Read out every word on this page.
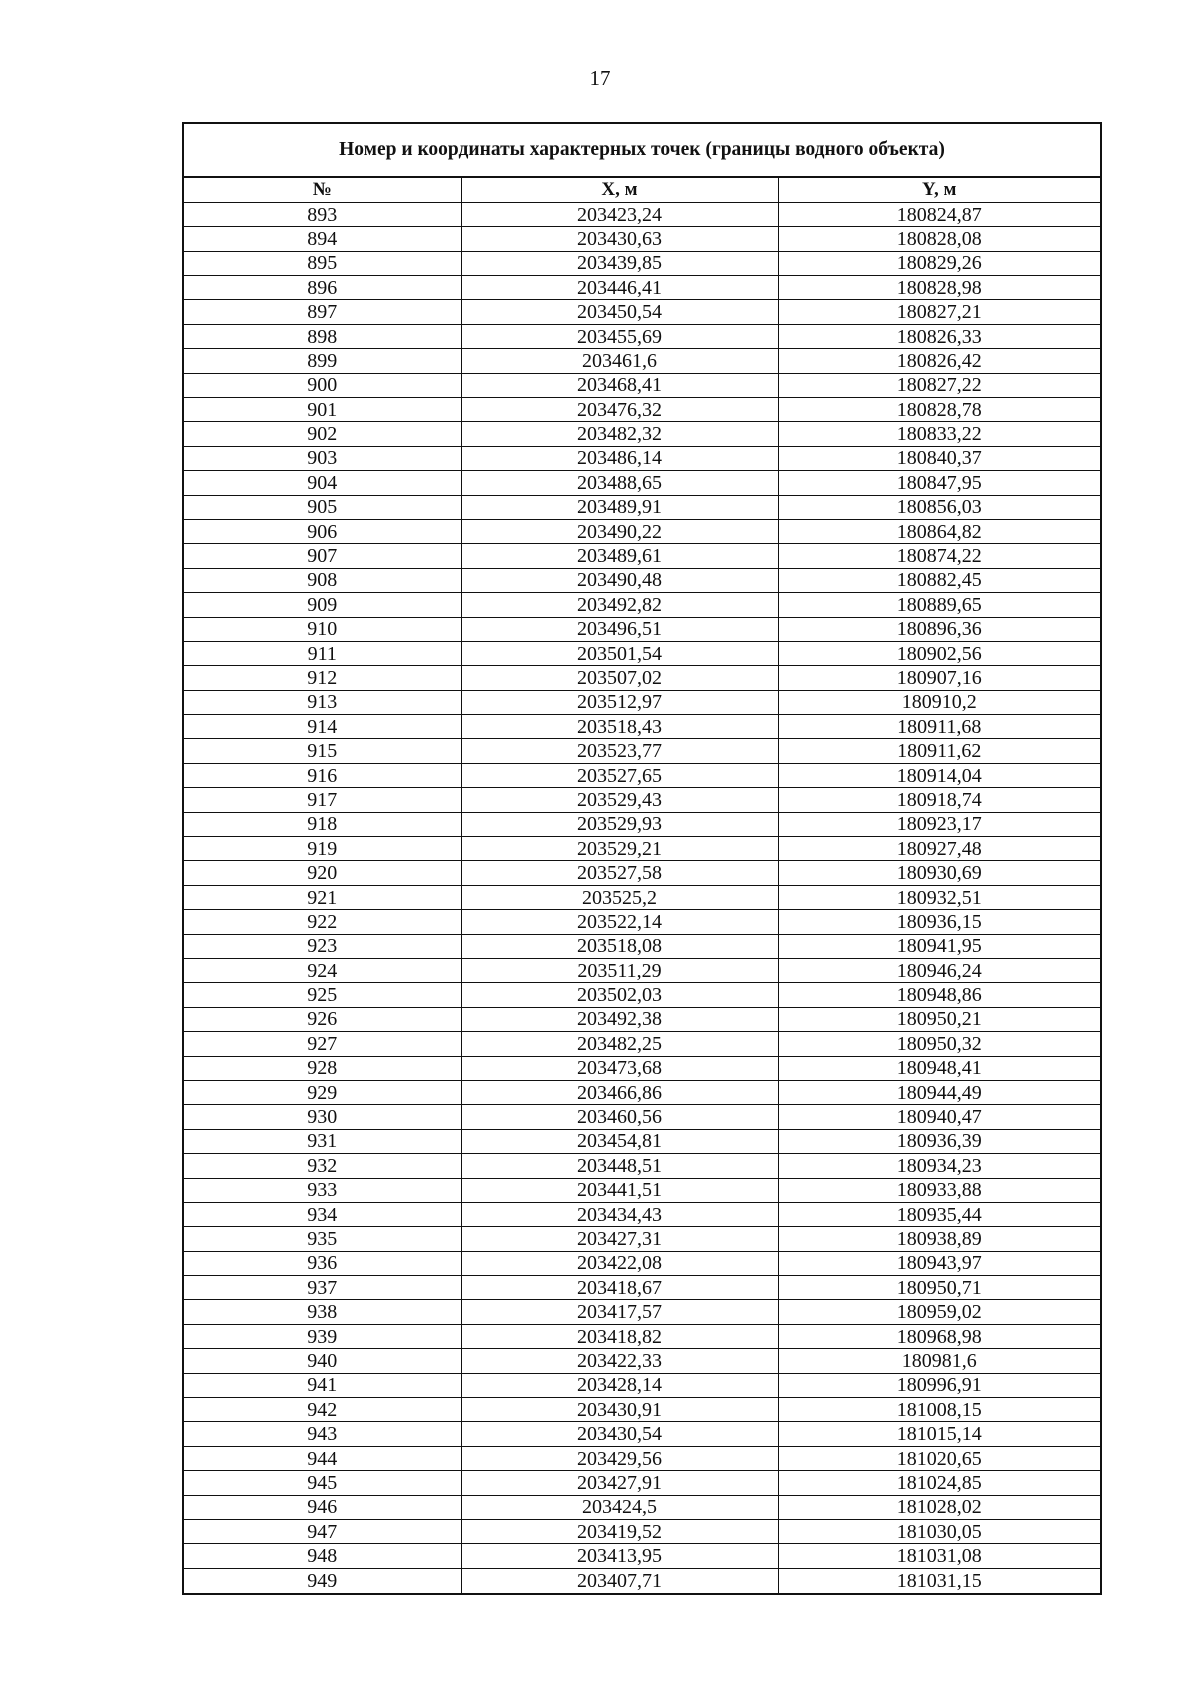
17
Номер и координаты характерных точек (границы водного объекта)
№	X, м	Y, м
893	203423,24	180824,87
894	203430,63	180828,08
895	203439,85	180829,26
896	203446,41	180828,98
897	203450,54	180827,21
898	203455,69	180826,33
899	203461,6	180826,42
900	203468,41	180827,22
901	203476,32	180828,78
902	203482,32	180833,22
903	203486,14	180840,37
904	203488,65	180847,95
905	203489,91	180856,03
906	203490,22	180864,82
907	203489,61	180874,22
908	203490,48	180882,45
909	203492,82	180889,65
910	203496,51	180896,36
911	203501,54	180902,56
912	203507,02	180907,16
913	203512,97	180910,2
914	203518,43	180911,68
915	203523,77	180911,62
916	203527,65	180914,04
917	203529,43	180918,74
918	203529,93	180923,17
919	203529,21	180927,48
920	203527,58	180930,69
921	203525,2	180932,51
922	203522,14	180936,15
923	203518,08	180941,95
924	203511,29	180946,24
925	203502,03	180948,86
926	203492,38	180950,21
927	203482,25	180950,32
928	203473,68	180948,41
929	203466,86	180944,49
930	203460,56	180940,47
931	203454,81	180936,39
932	203448,51	180934,23
933	203441,51	180933,88
934	203434,43	180935,44
935	203427,31	180938,89
936	203422,08	180943,97
937	203418,67	180950,71
938	203417,57	180959,02
939	203418,82	180968,98
940	203422,33	180981,6
941	203428,14	180996,91
942	203430,91	181008,15
943	203430,54	181015,14
944	203429,56	181020,65
945	203427,91	181024,85
946	203424,5	181028,02
947	203419,52	181030,05
948	203413,95	181031,08
949	203407,71	181031,15
